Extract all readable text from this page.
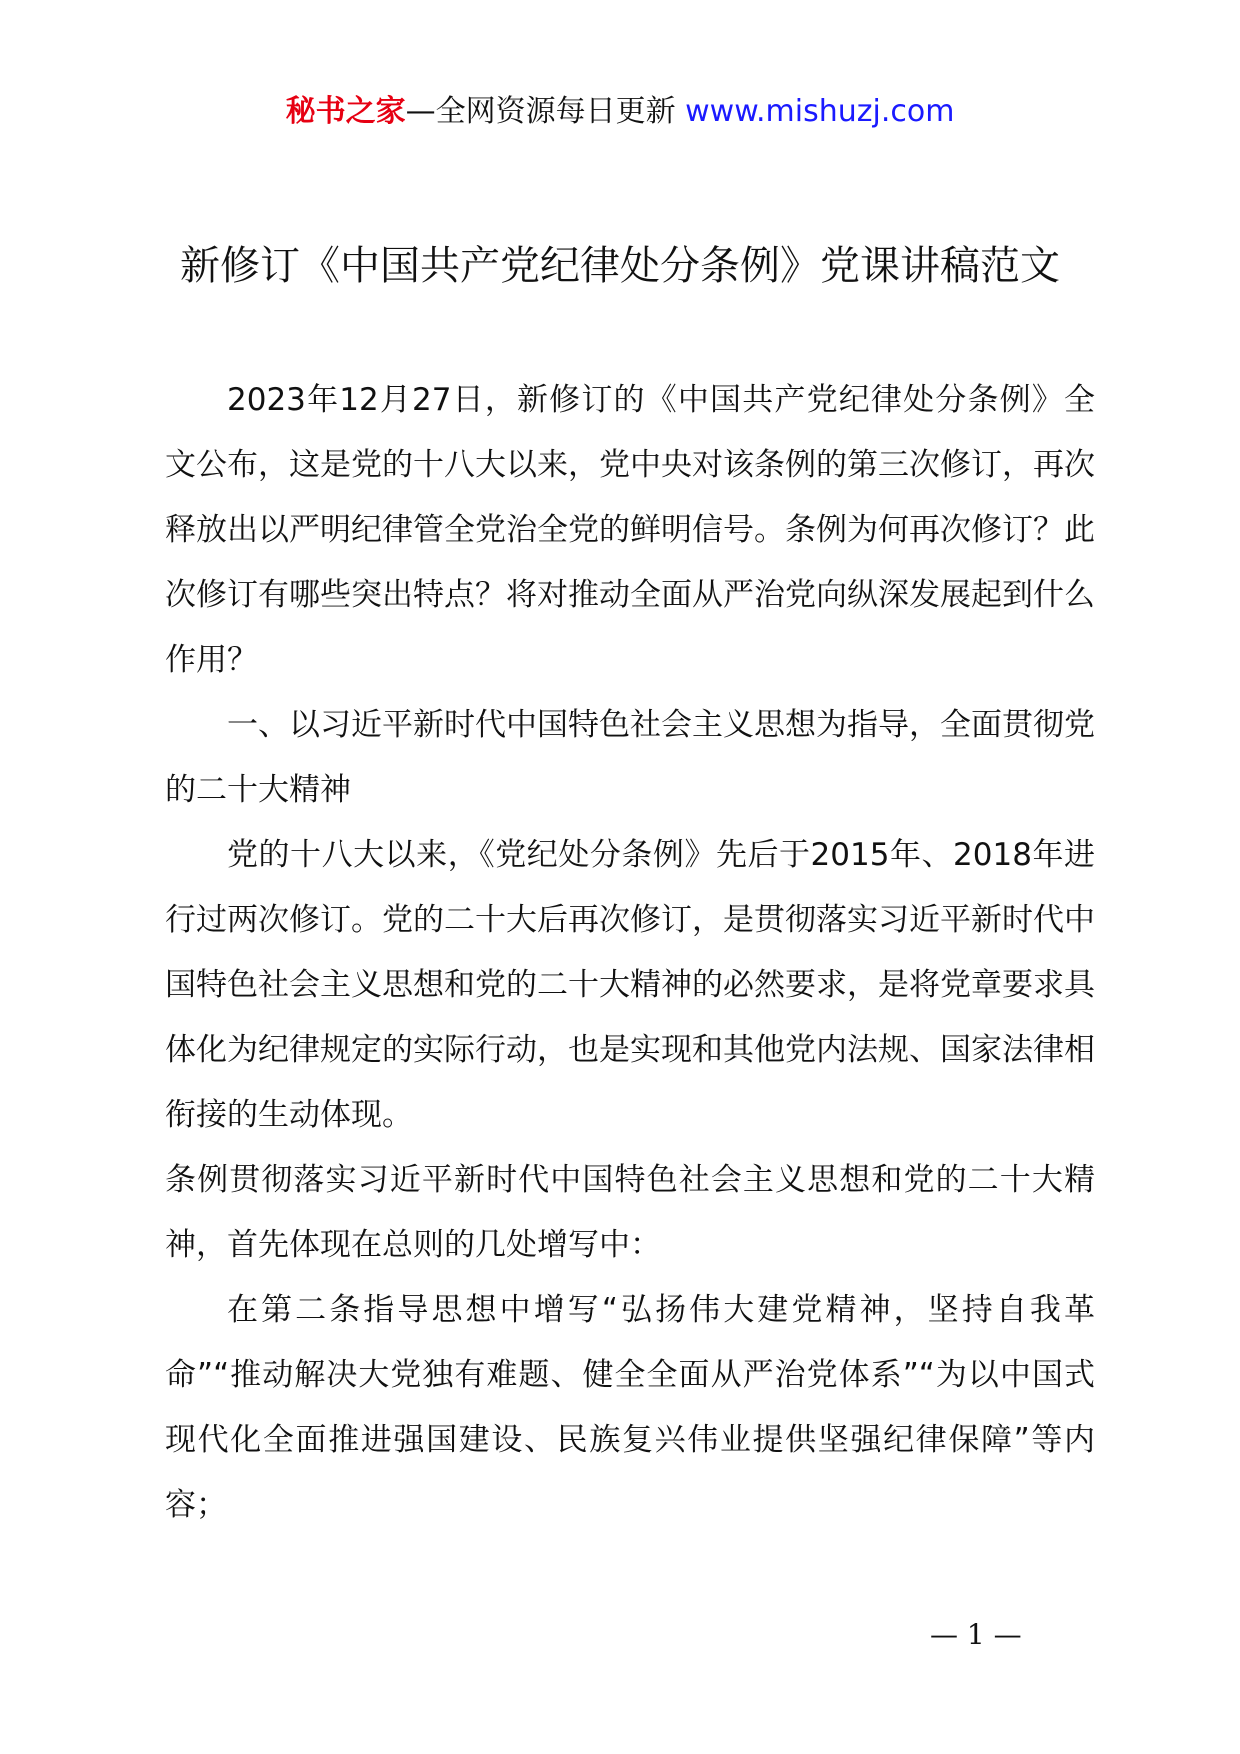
秘书之家—全网资源每日更新 www.mishuzj.com
新修订《中国共产党纪律处分条例》党课讲稿范文

2023年12月27日，新修订的《中国共产党纪律处分条例》全文公布，这是党的十八大以来，党中央对该条例的第三次修订，再次释放出以严明纪律管全党治全党的鲜明信号。条例为何再次修订？此次修订有哪些突出特点？将对推动全面从严治党向纵深发展起到什么作用？

一、以习近平新时代中国特色社会主义思想为指导，全面贯彻党的二十大精神

党的十八大以来，《党纪处分条例》先后于2015年、2018年进行过两次修订。党的二十大后再次修订，是贯彻落实习近平新时代中国特色社会主义思想和党的二十大精神的必然要求，是将党章要求具体化为纪律规定的实际行动，也是实现和其他党内法规、国家法律相衔接的生动体现。

条例贯彻落实习近平新时代中国特色社会主义思想和党的二十大精神，首先体现在总则的几处增写中：

在第二条指导思想中增写“弘扬伟大建党精神，坚持自我革命”“推动解决大党独有难题、健全全面从严治党体系”“为以中国式现代化全面推进强国建设、民族复兴伟业提供坚强纪律保障”等内容；

— 1 —
